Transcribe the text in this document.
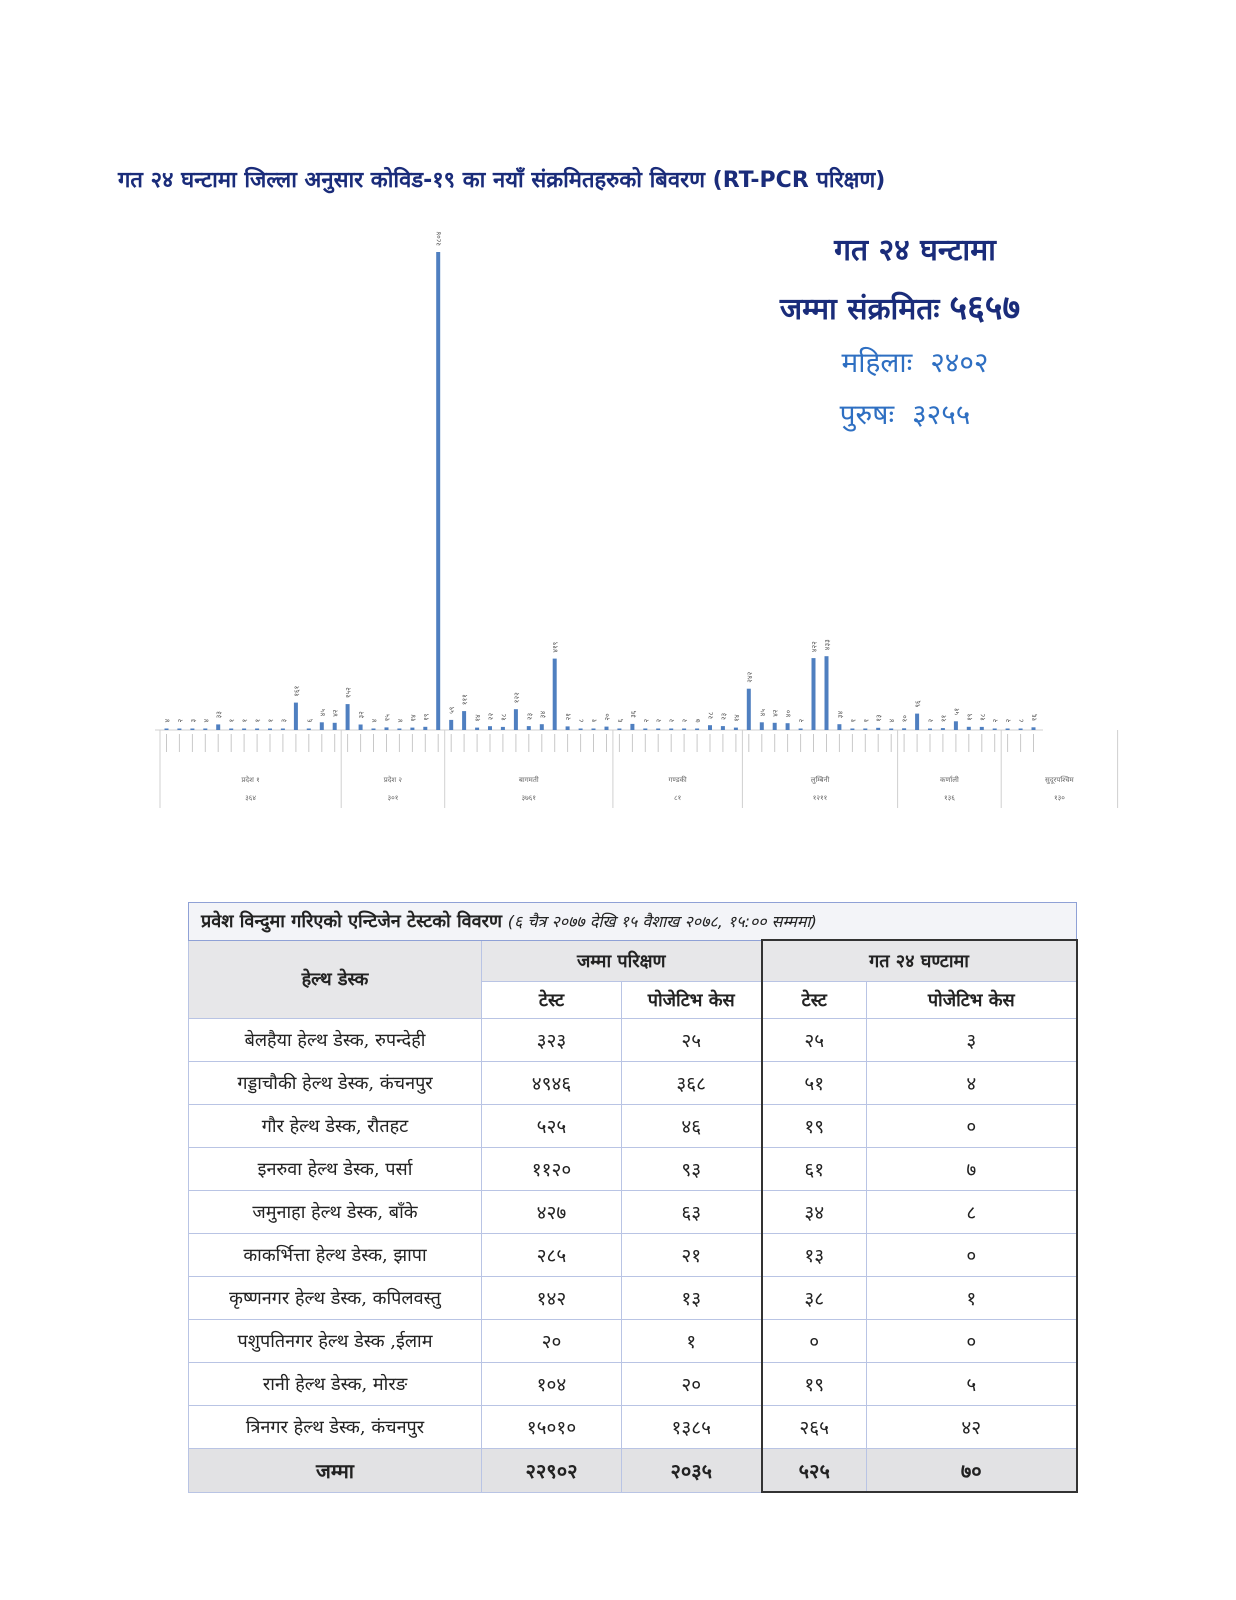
गत २४ घन्टामा जिल्ला अनुसार कोविड-१९ का नयाँ संक्रमितहरुको बिवरण (RT-PCR परिक्षण)
गत २४ घन्टामा
जम्मा संक्रमितः ५६५७
महिलाः २४०२
पुरुषः ३२५५
४ २ ३ ४
३३
१ १ १ १ ३
१६१
६
४५ ४२
१५२
३२
४ १५ ४ १४ १९
२८०४
५९
१११
१४ २२ १८
१२२
२३ ३४
४१९
२१
८ १
२०
६
३६
२ २ २ २ ७
२८ २३ १४
२४२
४५ ४२ ४०
२
४२२ ४३३
३४
१ १ १३ ४ १०
९६
२ ११
५१
१९ १८ २ २ ८ १६
प्रदेश १
३६४
प्रदेश २
३०१
बागमती
३७६१
गण्डकी
८१
लुम्बिनी
१२११
कर्णाली
१३६
सुदूरपश्चिम
१३०
प्रवेश विन्दुमा गरिएको एन्टिजेन टेस्टको विवरण (६ चैत्र २०७७ देखि १५ वैशाख २०७८, १५:०० सम्ममा)				
हेल्थ डेस्क	जम्मा परिक्षण		गत २४ घण्टामा	
	टेस्ट	पोजेटिभ केस	टेस्ट	पोजेटिभ केस
बेलहैया हेल्थ डेस्क, रुपन्देही	३२३	२५	२५	३
गड्डाचौकी हेल्थ डेस्क, कंचनपुर	४९४६	३६८	५१	४
गौर हेल्थ डेस्क, रौतहट	५२५	४६	१९	०
इनरुवा हेल्थ डेस्क, पर्सा	११२०	९३	६१	७
जमुनाहा हेल्थ डेस्क, बाँके	४२७	६३	३४	८
काकर्भित्ता हेल्थ डेस्क, झापा	२८५	२१	१३	०
कृष्णनगर हेल्थ डेस्क, कपिलवस्तु	१४२	१३	३८	१
पशुपतिनगर हेल्थ डेस्क ,ईलाम	२०	१	०	०
रानी हेल्थ डेस्क, मोरङ	१०४	२०	१९	५
त्रिनगर हेल्थ डेस्क, कंचनपुर	१५०१०	१३८५	२६५	४२
जम्मा	२२९०२	२०३५	५२५	७०
